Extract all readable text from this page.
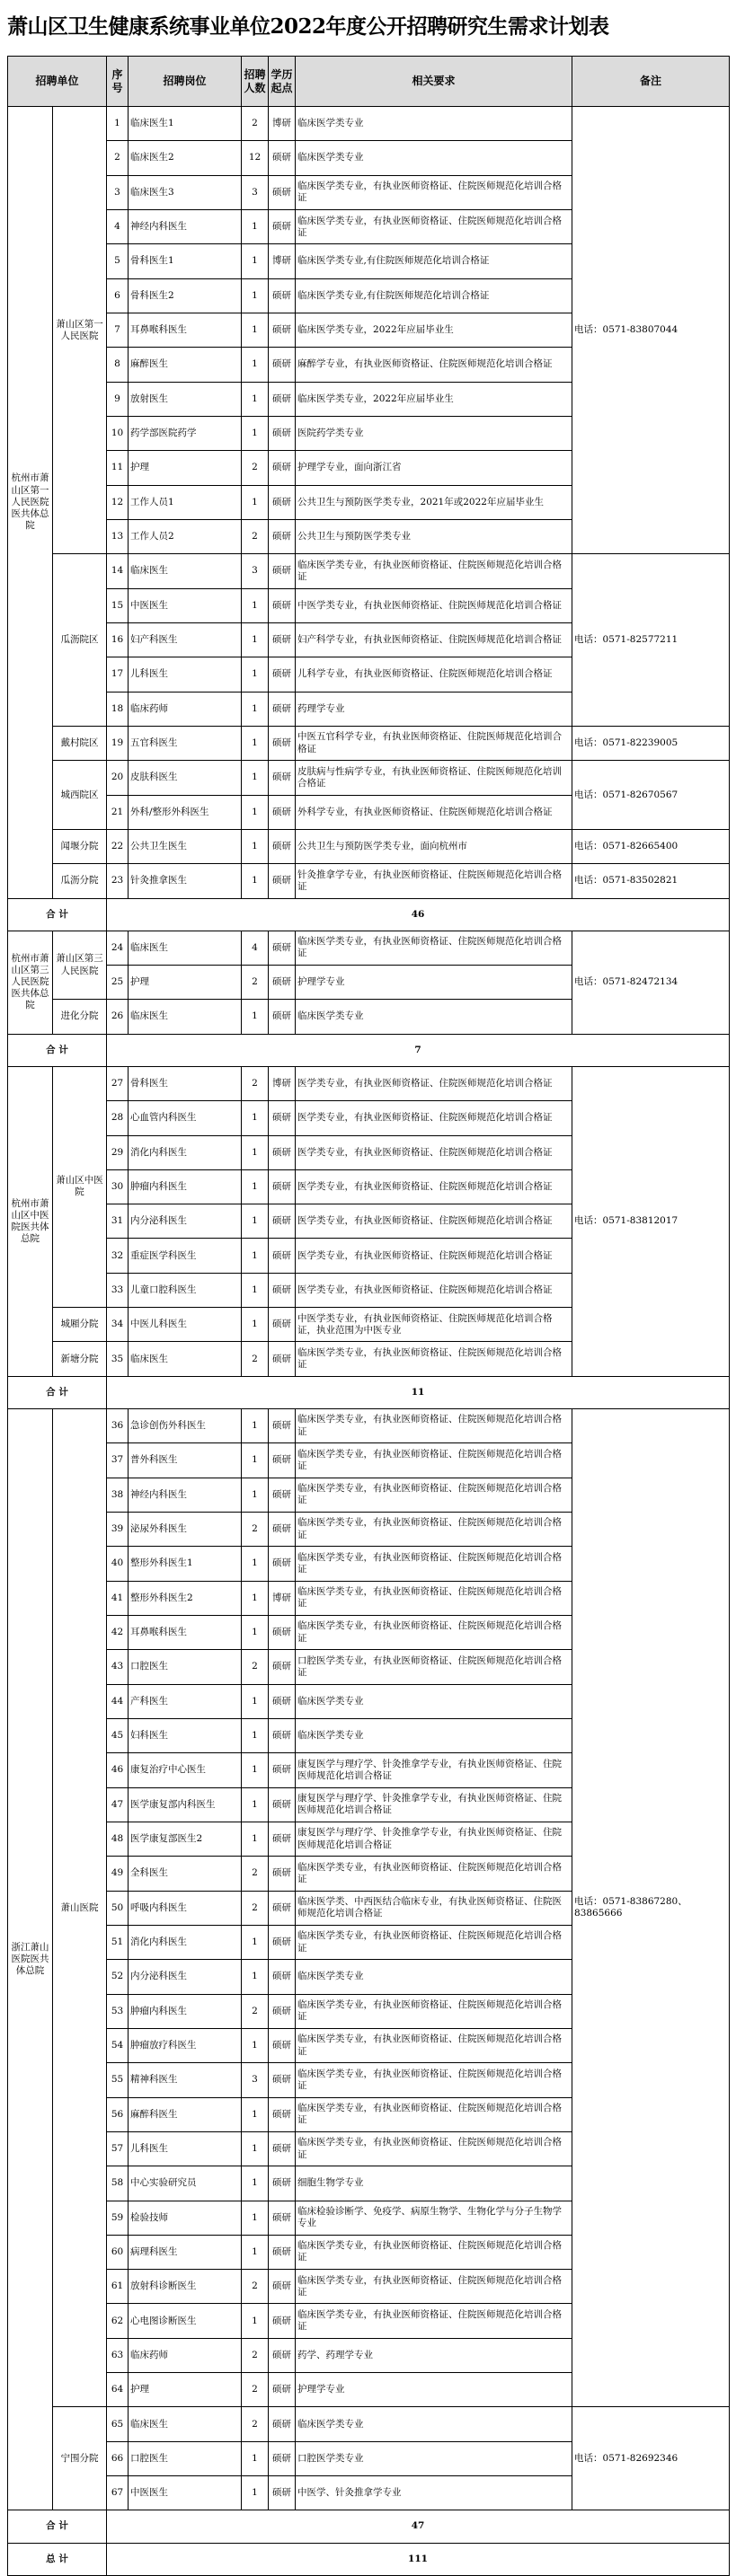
萧山区卫生健康系统事业单位2022年度公开招聘研究生需求计划表
招聘单位		序号	招聘岗位	招聘人数	学历起点	相关要求	备注
杭州市萧山区第一人民医院医共体总院	萧山区第一人民医院	1	临床医生1	2	博研	临床医学类专业	电话：0571-83807044
		2	临床医生2	12	硕研	临床医学类专业	
		3	临床医生3	3	硕研	临床医学类专业，有执业医师资格证、住院医师规范化培训合格证	
		4	神经内科医生	1	硕研	临床医学类专业，有执业医师资格证、住院医师规范化培训合格证	
		5	骨科医生1	1	博研	临床医学类专业,有住院医师规范化培训合格证	
		6	骨科医生2	1	硕研	临床医学类专业,有住院医师规范化培训合格证	
		7	耳鼻喉科医生	1	硕研	临床医学类专业，2022年应届毕业生	
		8	麻醉医生	1	硕研	麻醉学专业，有执业医师资格证、住院医师规范化培训合格证	
		9	放射医生	1	硕研	临床医学类专业，2022年应届毕业生	
		10	药学部医院药学	1	硕研	医院药学类专业	
		11	护理	2	硕研	护理学专业，面向浙江省	
		12	工作人员1	1	硕研	公共卫生与预防医学类专业，2021年或2022年应届毕业生	
		13	工作人员2	2	硕研	公共卫生与预防医学类专业	
	瓜沥院区	14	临床医生	3	硕研	临床医学类专业，有执业医师资格证、住院医师规范化培训合格证	电话：0571-82577211
		15	中医医生	1	硕研	中医学类专业，有执业医师资格证、住院医师规范化培训合格证	
		16	妇产科医生	1	硕研	妇产科学专业，有执业医师资格证、住院医师规范化培训合格证	
		17	儿科医生	1	硕研	儿科学专业，有执业医师资格证、住院医师规范化培训合格证	
		18	临床药师	1	硕研	药理学专业	
	戴村院区	19	五官科医生	1	硕研	中医五官科学专业，有执业医师资格证、住院医师规范化培训合格证	电话：0571-82239005
	城西院区	20	皮肤科医生	1	硕研	皮肤病与性病学专业，有执业医师资格证、住院医师规范化培训合格证	电话：0571-82670567
		21	外科/整形外科医生	1	硕研	外科学专业，有执业医师资格证、住院医师规范化培训合格证	
	闻堰分院	22	公共卫生医生	1	硕研	公共卫生与预防医学类专业，面向杭州市	电话：0571-82665400
	瓜沥分院	23	针灸推拿医生	1	硕研	针灸推拿学专业，有执业医师资格证、住院医师规范化培训合格证	电话：0571-83502821
合 计		46					
杭州市萧山区第三人民医院医共体总院	萧山区第三人民医院	24	临床医生	4	硕研	临床医学类专业，有执业医师资格证、住院医师规范化培训合格证	电话：0571-82472134
		25	护理	2	硕研	护理学专业	
	进化分院	26	临床医生	1	硕研	临床医学类专业	
合 计		7					
杭州市萧山区中医院医共体总院	萧山区中医院	27	骨科医生	2	博研	医学类专业，有执业医师资格证、住院医师规范化培训合格证	电话：0571-83812017
		28	心血管内科医生	1	硕研	医学类专业，有执业医师资格证、住院医师规范化培训合格证	
		29	消化内科医生	1	硕研	医学类专业，有执业医师资格证、住院医师规范化培训合格证	
		30	肿瘤内科医生	1	硕研	医学类专业，有执业医师资格证、住院医师规范化培训合格证	
		31	内分泌科医生	1	硕研	医学类专业，有执业医师资格证、住院医师规范化培训合格证	
		32	重症医学科医生	1	硕研	医学类专业，有执业医师资格证、住院医师规范化培训合格证	
		33	儿童口腔科医生	1	硕研	医学类专业，有执业医师资格证、住院医师规范化培训合格证	
	城厢分院	34	中医儿科医生	1	硕研	中医学类专业，有执业医师资格证、住院医师规范化培训合格证，执业范围为中医专业	
	新塘分院	35	临床医生	2	硕研	临床医学类专业，有执业医师资格证、住院医师规范化培训合格证	
合 计		11					
浙江萧山医院医共体总院	萧山医院	36	急诊创伤外科医生	1	硕研	临床医学类专业，有执业医师资格证、住院医师规范化培训合格证	电话：0571-83867280、83865666
		37	普外科医生	1	硕研	临床医学类专业，有执业医师资格证、住院医师规范化培训合格证	
		38	神经内科医生	1	硕研	临床医学类专业，有执业医师资格证、住院医师规范化培训合格证	
		39	泌尿外科医生	2	硕研	临床医学类专业，有执业医师资格证、住院医师规范化培训合格证	
		40	整形外科医生1	1	硕研	临床医学类专业，有执业医师资格证、住院医师规范化培训合格证	
		41	整形外科医生2	1	博研	临床医学类专业，有执业医师资格证、住院医师规范化培训合格证	
		42	耳鼻喉科医生	1	硕研	临床医学类专业，有执业医师资格证、住院医师规范化培训合格证	
		43	口腔医生	2	硕研	口腔医学类专业，有执业医师资格证、住院医师规范化培训合格证	
		44	产科医生	1	硕研	临床医学类专业	
		45	妇科医生	1	硕研	临床医学类专业	
		46	康复治疗中心医生	1	硕研	康复医学与理疗学、针灸推拿学专业，有执业医师资格证、住院医师规范化培训合格证	
		47	医学康复部内科医生	1	硕研	康复医学与理疗学、针灸推拿学专业，有执业医师资格证、住院医师规范化培训合格证	
		48	医学康复部医生2	1	硕研	康复医学与理疗学、针灸推拿学专业，有执业医师资格证、住院医师规范化培训合格证	
		49	全科医生	2	硕研	临床医学类专业，有执业医师资格证、住院医师规范化培训合格证	
		50	呼吸内科医生	2	硕研	临床医学类、中西医结合临床专业，有执业医师资格证、住院医师规范化培训合格证	
		51	消化内科医生	1	硕研	临床医学类专业，有执业医师资格证、住院医师规范化培训合格证	
		52	内分泌科医生	1	硕研	临床医学类专业	
		53	肿瘤内科医生	2	硕研	临床医学类专业，有执业医师资格证、住院医师规范化培训合格证	
		54	肿瘤放疗科医生	1	硕研	临床医学类专业，有执业医师资格证、住院医师规范化培训合格证	
		55	精神科医生	3	硕研	临床医学类专业，有执业医师资格证、住院医师规范化培训合格证	
		56	麻醉科医生	1	硕研	临床医学类专业，有执业医师资格证、住院医师规范化培训合格证	
		57	儿科医生	1	硕研	临床医学类专业，有执业医师资格证、住院医师规范化培训合格证	
		58	中心实验研究员	1	硕研	细胞生物学专业	
		59	检验技师	1	硕研	临床检验诊断学、免疫学、病原生物学、生物化学与分子生物学专业	
		60	病理科医生	1	硕研	临床医学类专业，有执业医师资格证、住院医师规范化培训合格证	
		61	放射科诊断医生	2	硕研	临床医学类专业，有执业医师资格证、住院医师规范化培训合格证	
		62	心电图诊断医生	1	硕研	临床医学类专业，有执业医师资格证、住院医师规范化培训合格证	
		63	临床药师	2	硕研	药学、药理学专业	
		64	护理	2	硕研	护理学专业	
	宁围分院	65	临床医生	2	硕研	临床医学类专业	电话：0571-82692346
		66	口腔医生	1	硕研	口腔医学类专业	
		67	中医医生	1	硕研	中医学、针灸推拿学专业	
合 计		47					
总 计		111					
